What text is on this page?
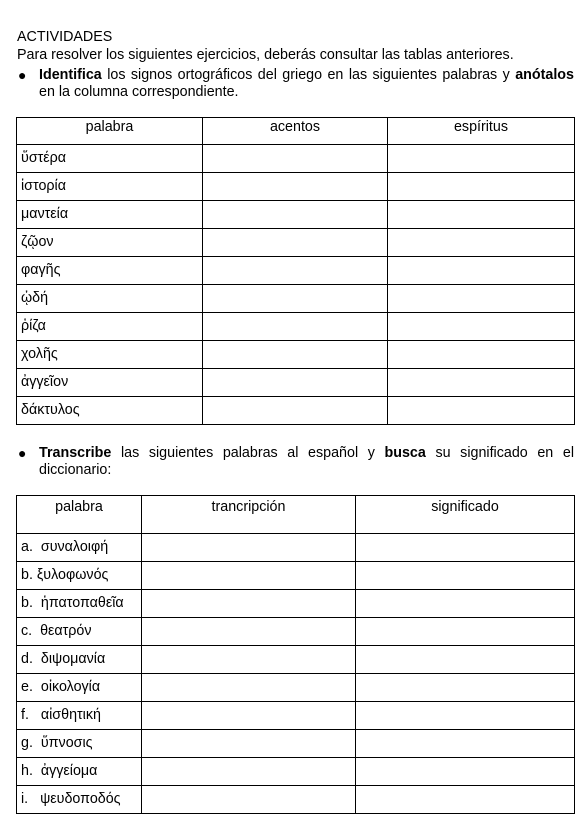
ACTIVIDADES
Para resolver los siguientes ejercicios, deberás consultar las tablas anteriores.
● Identifica los signos ortográficos del griego en las siguientes palabras y anótalos en la columna correspondiente.
palabra	acentos	espíritus
ὕστέρα		
ἱστορία		
μαντεία		
ζῷον		
φαγῆς		
ᾠδή		
ῥίζα		
χολῆς		
ἀγγεῖον		
δάκτυλος		
● Transcribe las siguientes palabras al español y busca su significado en el diccionario:
palabra	trancripción	significado
a.  συναλοιφή		
b. ξυλοφωνός		
b.  ἡπατοπαθεῖα		
c.  θεατρόν		
d.  διψομανία		
e.  οἰκολογία		
f.   αἰσθητική		
g.  ὕπνοσις		
h.  ἀγγείομα		
i.   ψευδοποδός		
